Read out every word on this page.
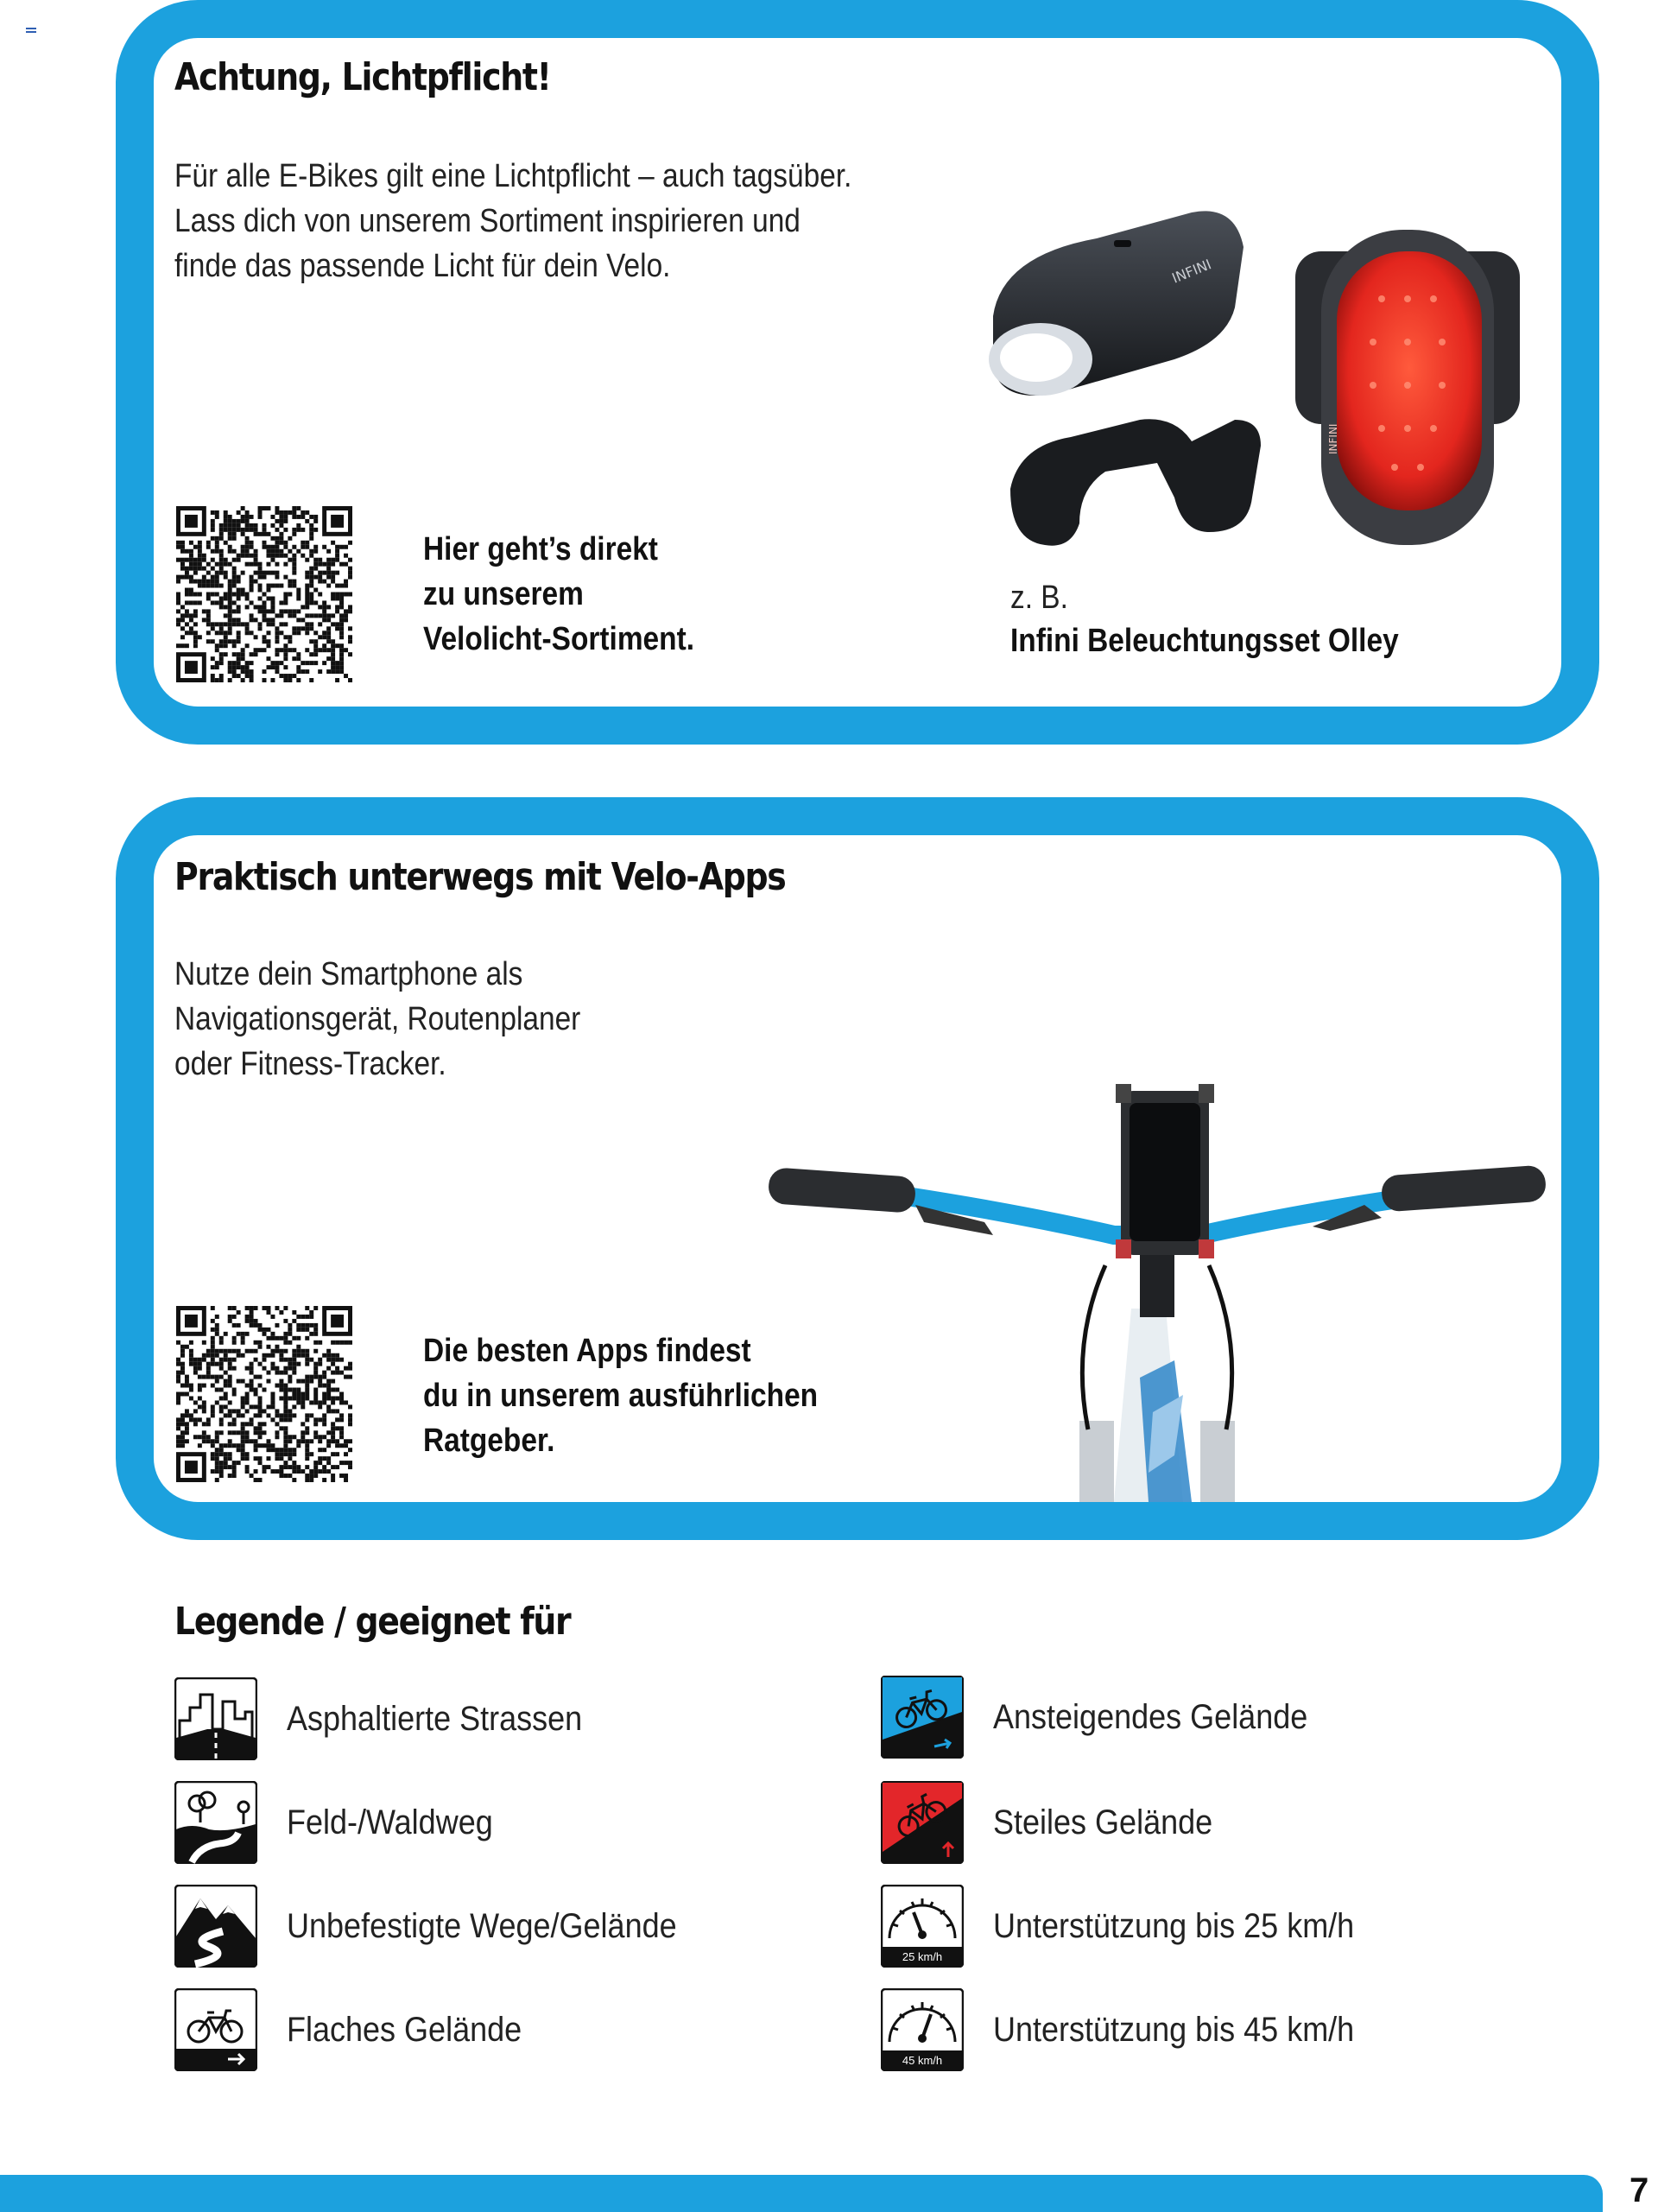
Achtung, Lichtpflicht!
Für alle E-Bikes gilt eine Lichtpflicht – auch tagsüber.
Lass dich von unserem Sortiment inspirieren und
finde das passende Licht für dein Velo.
Hier geht’s direkt
zu unserem
Velolicht-Sortiment.
INFINI
INFINI
z. B.
Infini Beleuchtungsset Olley
Praktisch unterwegs mit Velo-Apps
Nutze dein Smartphone als
Navigationsgerät, Routenplaner
oder Fitness-Tracker.
Die besten Apps findest
du in unserem ausführlichen
Ratgeber.
Legende / geeignet für
Asphaltierte Strassen
Feld-/Waldweg
Unbefestigte Wege/Gelände
Flaches Gelände
Ansteigendes Gelände
Steiles Gelände
25 km/h
Unterstützung bis 25 km/h
45 km/h
Unterstützung bis 45 km/h
7
